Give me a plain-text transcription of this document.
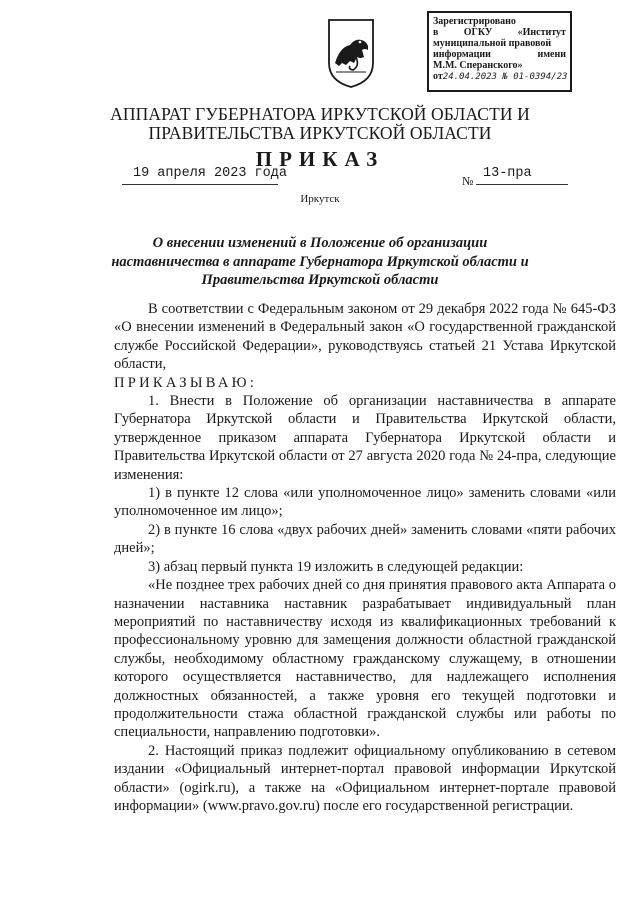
Зарегистрировано
в	ОГКУ	«Институт
муниципальной правовой
информации	имени
М.М. Сперанского»
от24.04.2023 № 01-0394/23
АППАРАТ ГУБЕРНАТОРА ИРКУТСКОЙ ОБЛАСТИ И
ПРАВИТЕЛЬСТВА ИРКУТСКОЙ ОБЛАСТИ
ПРИКАЗ
19 апреля 2023 года	№ 13-пра
Иркутск
О внесении изменений в Положение об организации наставничества в аппарате Губернатора Иркутской области и Правительства Иркутской области

В соответствии с Федеральным законом от 29 декабря 2022 года № 645-ФЗ «О внесении изменений в Федеральный закон «О государственной гражданской службе Российской Федерации», руководствуясь статьей 21 Устава Иркутской области,

ПРИКАЗЫВАЮ:

1. Внести в Положение об организации наставничества в аппарате Губернатора Иркутской области и Правительства Иркутской области, утвержденное приказом аппарата Губернатора Иркутской области и Правительства Иркутской области от 27 августа 2020 года № 24-пра, следующие изменения:

1) в пункте 12 слова «или уполномоченное лицо» заменить словами «или уполномоченное им лицо»;

2) в пункте 16 слова «двух рабочих дней» заменить словами «пяти рабочих дней»;

3) абзац первый пункта 19 изложить в следующей редакции:

«Не позднее трех рабочих дней со дня принятия правового акта Аппарата о назначении наставника наставник разрабатывает индивидуальный план мероприятий по наставничеству исходя из квалификационных требований к профессиональному уровню для замещения должности областной гражданской службы, необходимому областному гражданскому служащему, в отношении которого осуществляется наставничество, для надлежащего исполнения должностных обязанностей, а также уровня его текущей подготовки и продолжительности стажа областной гражданской службы или работы по специальности, направлению подготовки».

2. Настоящий приказ подлежит официальному опубликованию в сетевом издании «Официальный интернет-портал правовой информации Иркутской области» (ogirk.ru), а также на «Официальном интернет-портале правовой информации» (www.pravo.gov.ru) после его государственной регистрации.
